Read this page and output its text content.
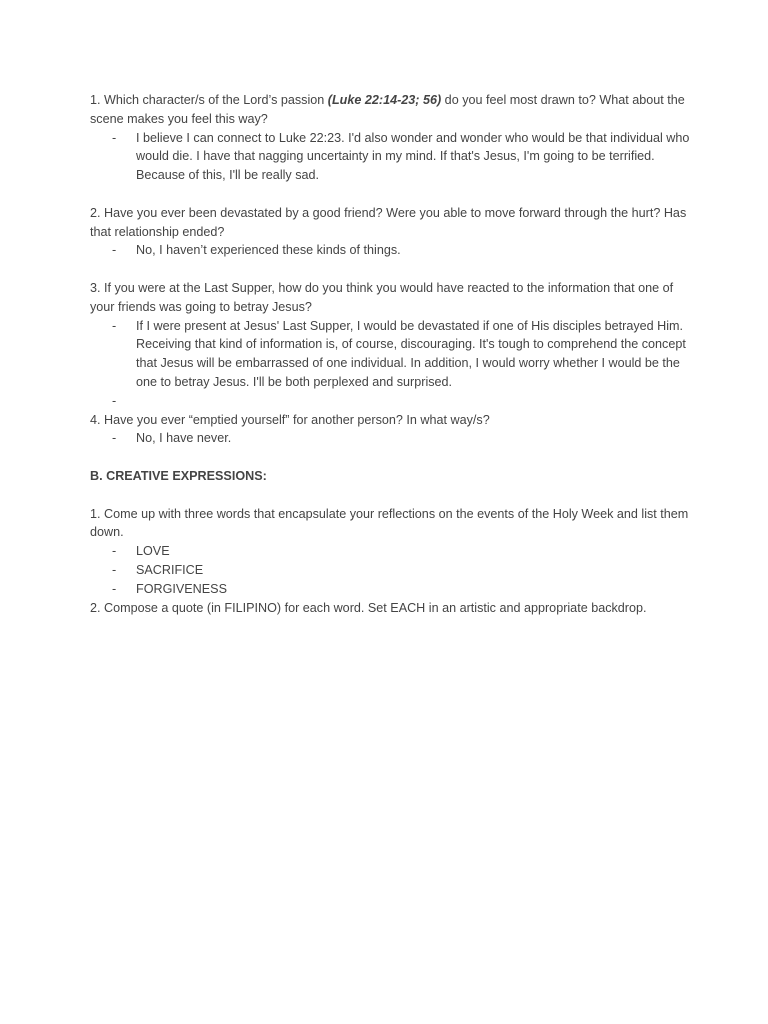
1. Which character/s of the Lord’s passion (Luke 22:14-23; 56) do you feel most drawn to? What about the scene makes you feel this way?

-	I believe I can connect to Luke 22:23. I'd also wonder and wonder who would be that individual who would die. I have that nagging uncertainty in my mind. If that's Jesus, I'm going to be terrified. Because of this, I'll be really sad.

2. Have you ever been devastated by a good friend? Were you able to move forward through the hurt? Has that relationship ended?

-	No, I haven’t experienced these kinds of things.

3. If you were at the Last Supper, how do you think you would have reacted to the information that one of your friends was going to betray Jesus?

-	If I were present at Jesus' Last Supper, I would be devastated if one of His disciples betrayed Him. Receiving that kind of information is, of course, discouraging. It's tough to comprehend the concept that Jesus will be embarrassed of one individual. In addition, I would worry whether I would be the one to betray Jesus. I'll be both perplexed and surprised.
-

4. Have you ever “emptied yourself” for another person? In what way/s?

-	No, I have never.

B. CREATIVE EXPRESSIONS:

1. Come up with three words that encapsulate your reflections on the events of the Holy Week and list them down.

-	LOVE
-	SACRIFICE
-	FORGIVENESS

2. Compose a quote (in FILIPINO) for each word. Set EACH in an artistic and appropriate backdrop.
